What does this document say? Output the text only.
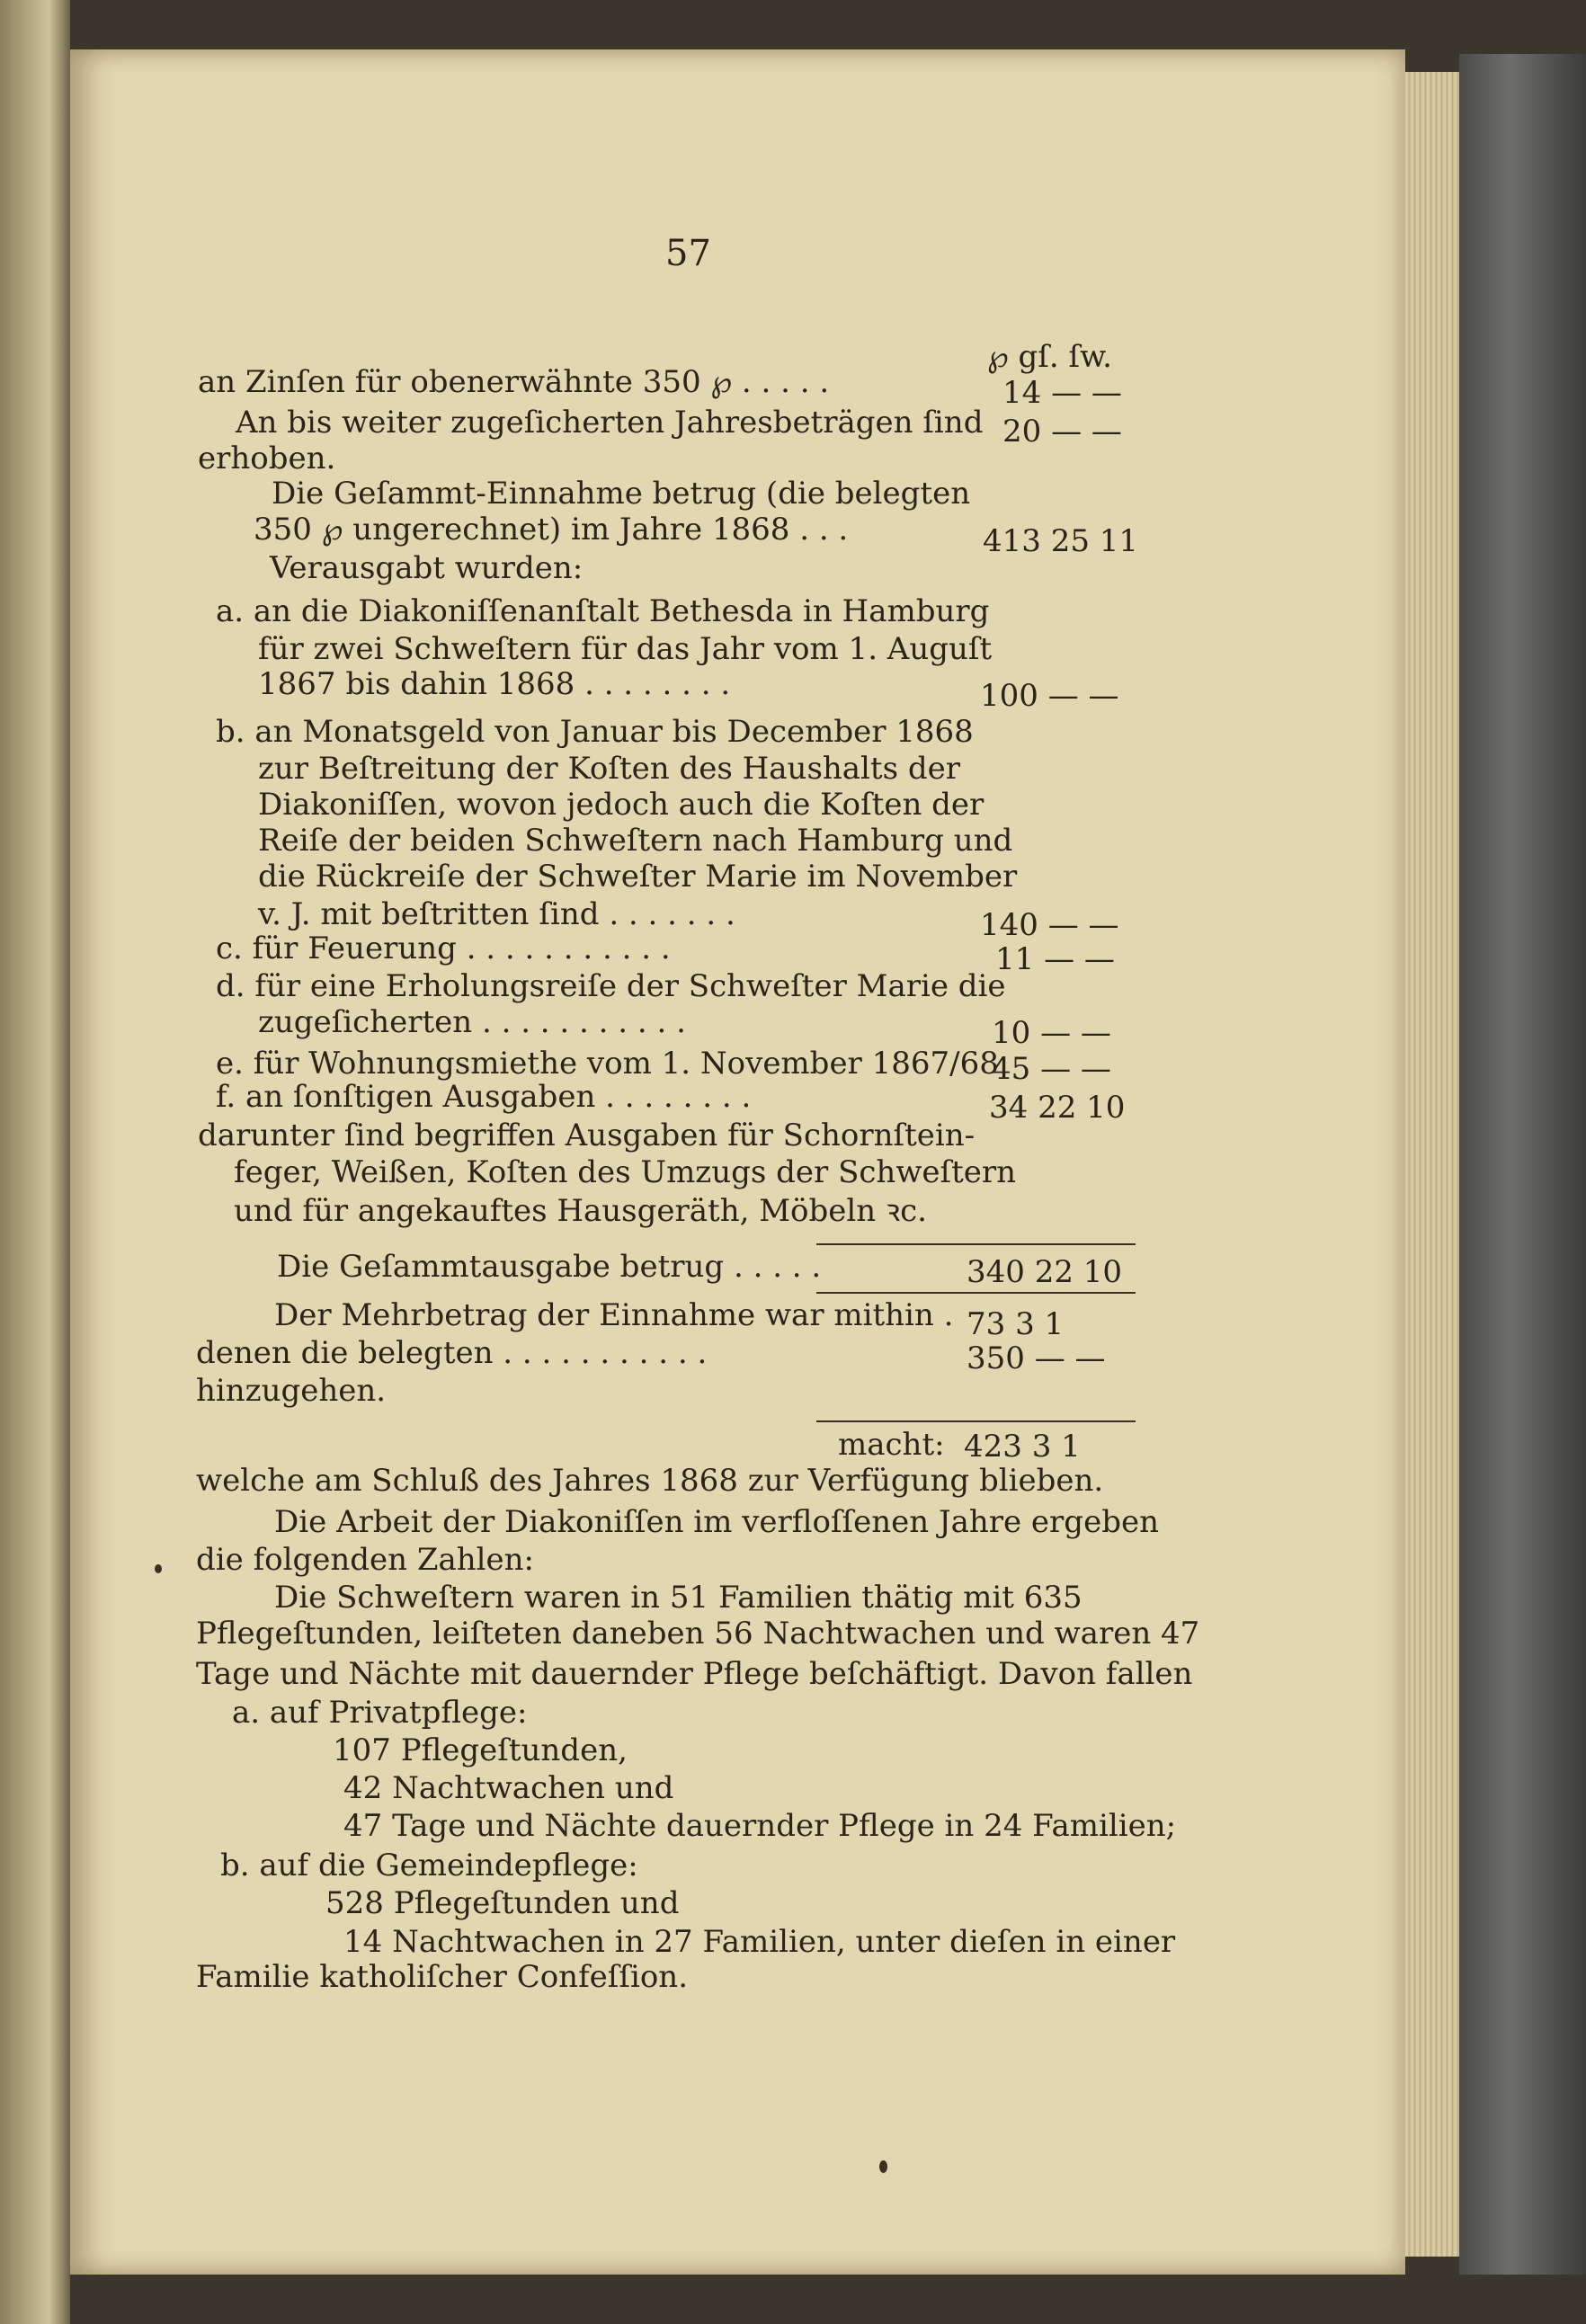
57
℘ gſ. ſw.
an Zinſen für obenerwähnte 350 ℘ . . . . .	14 — —
An bis weiter zugeſicherten Jahresbeträgen ſind 20 — —
erhoben.
Die Geſammt-Einnahme betrug (die belegten
350 ℘ ungerechnet) im Jahre 1868 . . .	413 25 11
Verausgabt wurden:
a. an die Diakoniſſenanſtalt Bethesda in Hamburg
für zwei Schweſtern für das Jahr vom 1. Auguſt
1867 bis dahin 1868 . . . . . . . .	100 — —
b. an Monatsgeld von Januar bis December 1868
zur Beſtreitung der Koſten des Haushalts der
Diakoniſſen, wovon jedoch auch die Koſten der
Reiſe der beiden Schweſtern nach Hamburg und
die Rückreiſe der Schweſter Marie im November
v. J. mit beſtritten ſind . . . . . . .	140 — —
c. für Feuerung . . . . . . . . . . .	11 — —
d. für eine Erholungsreiſe der Schweſter Marie die
zugeſicherten . . . . . . . . . . .	10 — —
e. für Wohnungsmiethe vom 1. November 1867/68
45 — —
f. an ſonſtigen Ausgaben . . . . . . . .	34 22 10
darunter ſind begriffen Ausgaben für Schornſtein-
feger, Weißen, Koſten des Umzugs der Schweſtern
und für angekauftes Hausgeräth, Möbeln ꝛc.
Die Geſammtausgabe betrug . . . . .	340 22 10
Der Mehrbetrag der Einnahme war mithin . 73 3 1
denen die belegten . . . . . . . . . . .	350 — —
hinzugehen.
macht: 423 3 1
welche am Schluß des Jahres 1868 zur Verfügung blieben.
Die Arbeit der Diakoniſſen im verfloſſenen Jahre ergeben
die folgenden Zahlen:
Die Schweſtern waren in 51 Familien thätig mit 635
Pflegeſtunden, leiſteten daneben 56 Nachtwachen und waren 47
Tage und Nächte mit dauernder Pflege beſchäftigt. Davon fallen
a. auf Privatpflege:
107 Pflegeſtunden,
42 Nachtwachen und
47 Tage und Nächte dauernder Pflege in 24 Familien;
b. auf die Gemeindepflege:
528 Pflegeſtunden und
14 Nachtwachen in 27 Familien, unter dieſen in einer
Familie katholiſcher Confeſſion.
